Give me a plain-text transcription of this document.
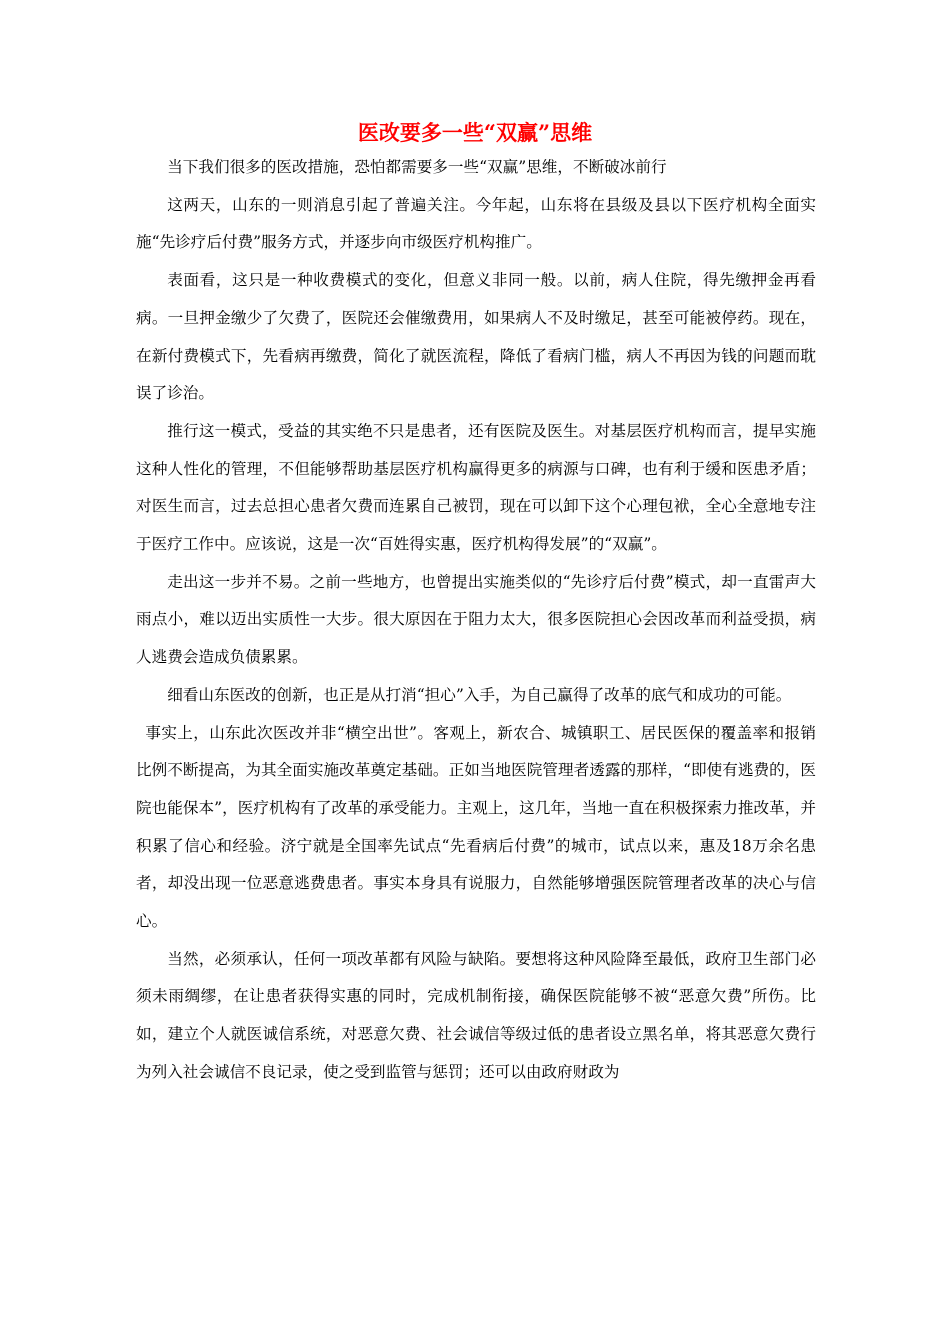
医改要多一些“双赢”思维

当下我们很多的医改措施，恐怕都需要多一些“双赢”思维，不断破冰前行

这两天，山东的一则消息引起了普遍关注。今年起，山东将在县级及县以下医疗机构全面实施“先诊疗后付费”服务方式，并逐步向市级医疗机构推广。

表面看，这只是一种收费模式的变化，但意义非同一般。以前，病人住院，得先缴押金再看病。一旦押金缴少了欠费了，医院还会催缴费用，如果病人不及时缴足，甚至可能被停药。现在，在新付费模式下，先看病再缴费，简化了就医流程，降低了看病门槛，病人不再因为钱的问题而耽误了诊治。

推行这一模式，受益的其实绝不只是患者，还有医院及医生。对基层医疗机构而言，提早实施这种人性化的管理，不但能够帮助基层医疗机构赢得更多的病源与口碑，也有利于缓和医患矛盾；对医生而言，过去总担心患者欠费而连累自己被罚，现在可以卸下这个心理包袱，全心全意地专注于医疗工作中。应该说，这是一次“百姓得实惠，医疗机构得发展”的“双赢”。

走出这一步并不易。之前一些地方，也曾提出实施类似的“先诊疗后付费”模式，却一直雷声大雨点小，难以迈出实质性一大步。很大原因在于阻力太大，很多医院担心会因改革而利益受损，病人逃费会造成负债累累。

细看山东医改的创新，也正是从打消“担心”入手，为自己赢得了改革的底气和成功的可能。

事实上，山东此次医改并非“横空出世”。客观上，新农合、城镇职工、居民医保的覆盖率和报销比例不断提高，为其全面实施改革奠定基础。正如当地医院管理者透露的那样，“即使有逃费的，医院也能保本”，医疗机构有了改革的承受能力。主观上，这几年，当地一直在积极探索力推改革，并积累了信心和经验。济宁就是全国率先试点“先看病后付费”的城市，试点以来，惠及18万余名患者，却没出现一位恶意逃费患者。事实本身具有说服力，自然能够增强医院管理者改革的决心与信心。

当然，必须承认，任何一项改革都有风险与缺陷。要想将这种风险降至最低，政府卫生部门必须未雨绸缪，在让患者获得实惠的同时，完成机制衔接，确保医院能够不被“恶意欠费”所伤。比如，建立个人就医诚信系统，对恶意欠费、社会诚信等级过低的患者设立黑名单，将其恶意欠费行为列入社会诚信不良记录，使之受到监管与惩罚；还可以由政府财政为
